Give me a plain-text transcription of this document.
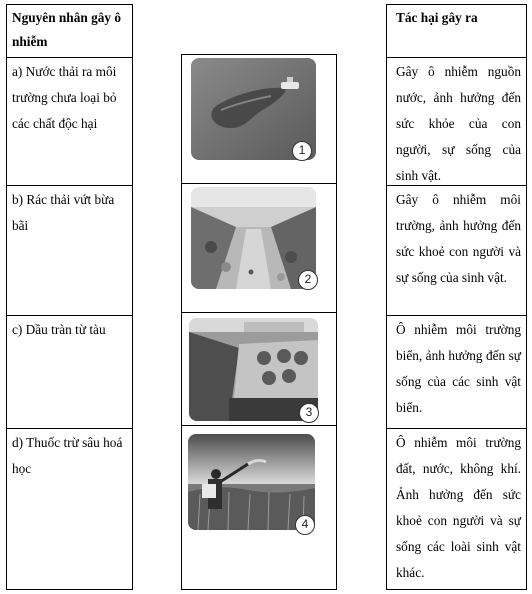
Nguyên nhân gây ô nhiễm
a) Nước thải ra môi trường chưa loại bỏ các chất độc hại
b) Rác thải vứt bừa bãi
c) Dầu tràn từ tàu
d) Thuốc trừ sâu hoá học
1
2
3
4
Tác hại gây ra
Gây ô nhiễm nguồn nước, ảnh hưởng đến sức khỏe của con người, sự sống của sinh vật.
Gây ô nhiễm môi trường, ảnh hưởng đến sức khoẻ con người và sự sống của sinh vật.
Ô nhiễm môi trường biển, ảnh hưởng đến sự sống của các sinh vật biển.
Ô nhiễm môi trường đất, nước, không khí. Ảnh hưởng đến sức khoẻ con người và sự sống các loài sinh vật khác.
